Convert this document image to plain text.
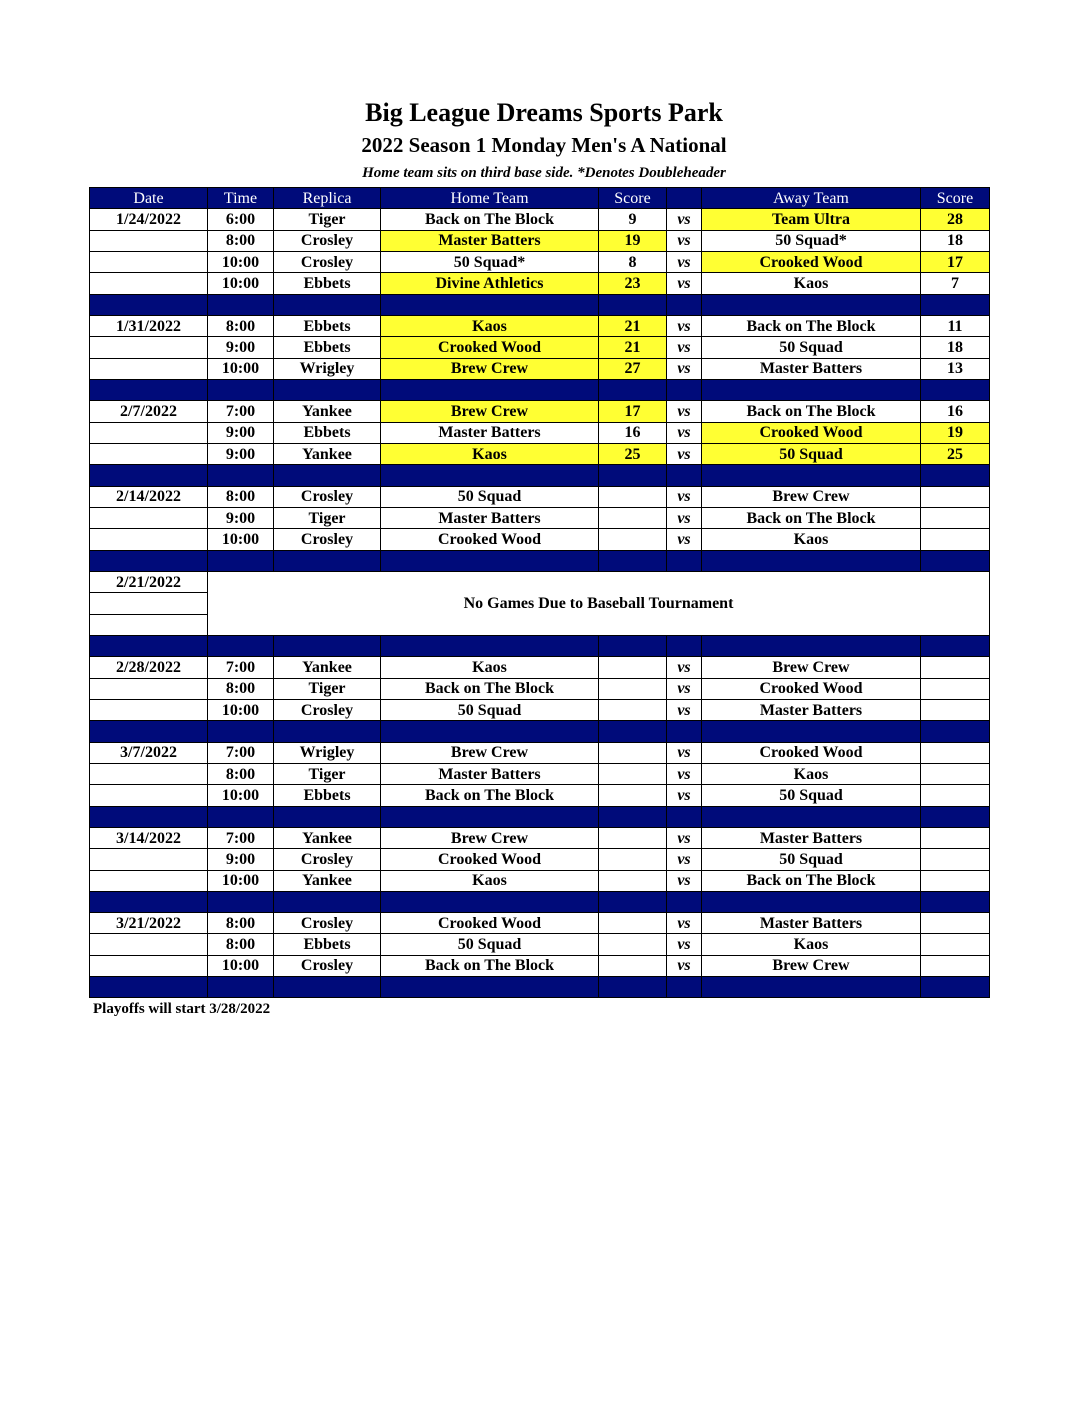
Big League Dreams Sports Park
2022 Season 1 Monday Men's A National
Home team sits on third base side. *Denotes Doubleheader
Date	Time	Replica	Home Team	Score		Away Team	Score
1/24/2022	6:00	Tiger	Back on The Block	9	vs	Team Ultra	28
	8:00	Crosley	Master Batters	19	vs	50 Squad*	18
	10:00	Crosley	50 Squad*	8	vs	Crooked Wood	17
	10:00	Ebbets	Divine Athletics	23	vs	Kaos	7

1/31/2022	8:00	Ebbets	Kaos	21	vs	Back on The Block	11
	9:00	Ebbets	Crooked Wood	21	vs	50 Squad	18
	10:00	Wrigley	Brew Crew	27	vs	Master Batters	13

2/7/2022	7:00	Yankee	Brew Crew	17	vs	Back on The Block	16
	9:00	Ebbets	Master Batters	16	vs	Crooked Wood	19
	9:00	Yankee	Kaos	25	vs	50 Squad	25

2/14/2022	8:00	Crosley	50 Squad		vs	Brew Crew	
	9:00	Tiger	Master Batters		vs	Back on The Block	
	10:00	Crosley	Crooked Wood		vs	Kaos	

2/21/2022	No Games Due to Baseball Tournament						

2/28/2022	7:00	Yankee	Kaos		vs	Brew Crew	
	8:00	Tiger	Back on The Block		vs	Crooked Wood	
	10:00	Crosley	50 Squad		vs	Master Batters	

3/7/2022	7:00	Wrigley	Brew Crew		vs	Crooked Wood	
	8:00	Tiger	Master Batters		vs	Kaos	
	10:00	Ebbets	Back on The Block		vs	50 Squad	

3/14/2022	7:00	Yankee	Brew Crew		vs	Master Batters	
	9:00	Crosley	Crooked Wood		vs	50 Squad	
	10:00	Yankee	Kaos		vs	Back on The Block	

3/21/2022	8:00	Crosley	Crooked Wood		vs	Master Batters	
	8:00	Ebbets	50 Squad		vs	Kaos	
	10:00	Crosley	Back on The Block		vs	Brew Crew	

Playoffs will start 3/28/2022
